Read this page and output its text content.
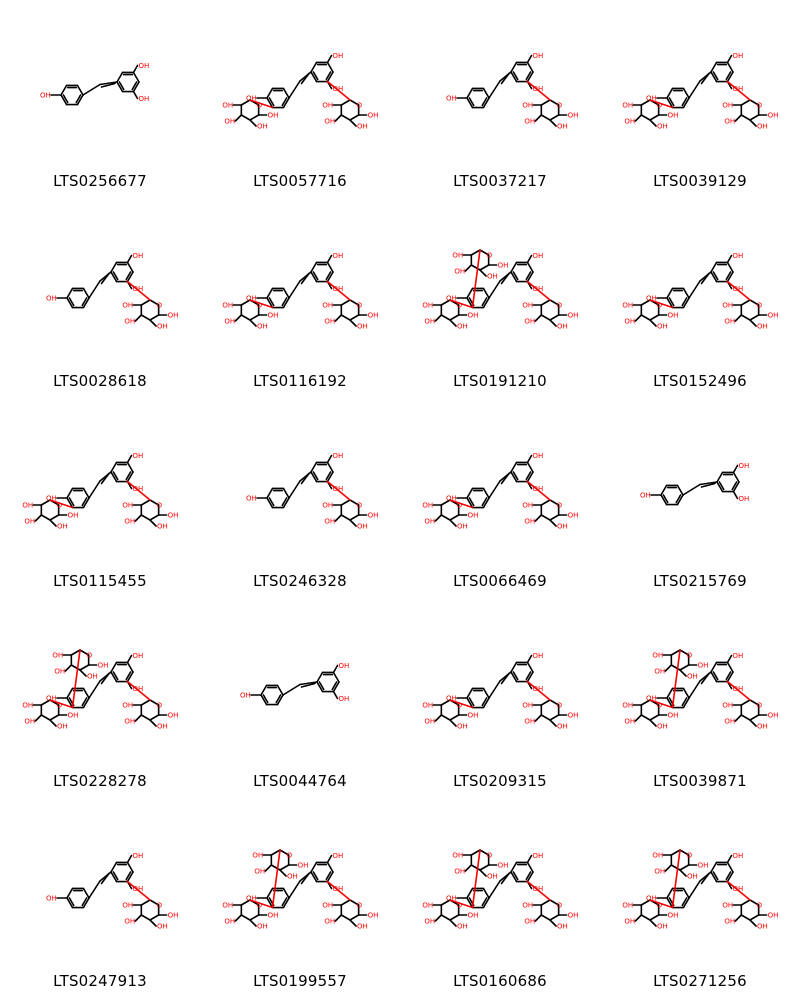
OH
OH
OH
LTS0256677
OH
OH
OH
O
OH
OH
OH
OH
O
OH
OH
OH
OH
LTS0057716
OH
OH
OH
O
OH
OH
OH
OH
LTS0037217
OH
OH
OH
O
OH
OH
OH
OH
O
OH
OH
OH
OH
LTS0039129
OH
OH
OH
O
OH
OH
OH
OH
LTS0028618
OH
OH
OH
O
OH
OH
OH
OH
O
OH
OH
OH
OH
LTS0116192
OH
OH
OH
O
OH
OH
OH
OH
O
OH
OH
OH
OH
O
OH
OH
OH
OH
LTS0191210
OH
OH
OH
O
OH
OH
OH
OH
O
OH
OH
OH
OH
LTS0152496
OH
OH
OH
O
OH
OH
OH
OH
O
OH
OH
OH
OH
LTS0115455
OH
OH
OH
O
OH
OH
OH
OH
LTS0246328
OH
OH
OH
O
OH
OH
OH
OH
O
OH
OH
OH
OH
LTS0066469
OH
OH
OH
LTS0215769
OH
OH
OH
O
OH
OH
OH
OH
O
OH
OH
OH
OH
O
OH
OH
OH
OH
LTS0228278
OH
OH
OH
LTS0044764
OH
OH
OH
O
OH
OH
OH
OH
O
OH
OH
OH
OH
LTS0209315
OH
OH
OH
O
OH
OH
OH
OH
O
OH
OH
OH
OH
O
OH
OH
OH
OH
LTS0039871
OH
OH
OH
O
OH
OH
OH
OH
LTS0247913
OH
OH
OH
O
OH
OH
OH
OH
O
OH
OH
OH
OH
O
OH
OH
OH
OH
LTS0199557
OH
OH
OH
O
OH
OH
OH
OH
O
OH
OH
OH
OH
O
OH
OH
OH
OH
LTS0160686
OH
OH
OH
O
OH
OH
OH
OH
O
OH
OH
OH
OH
O
OH
OH
OH
OH
LTS0271256
